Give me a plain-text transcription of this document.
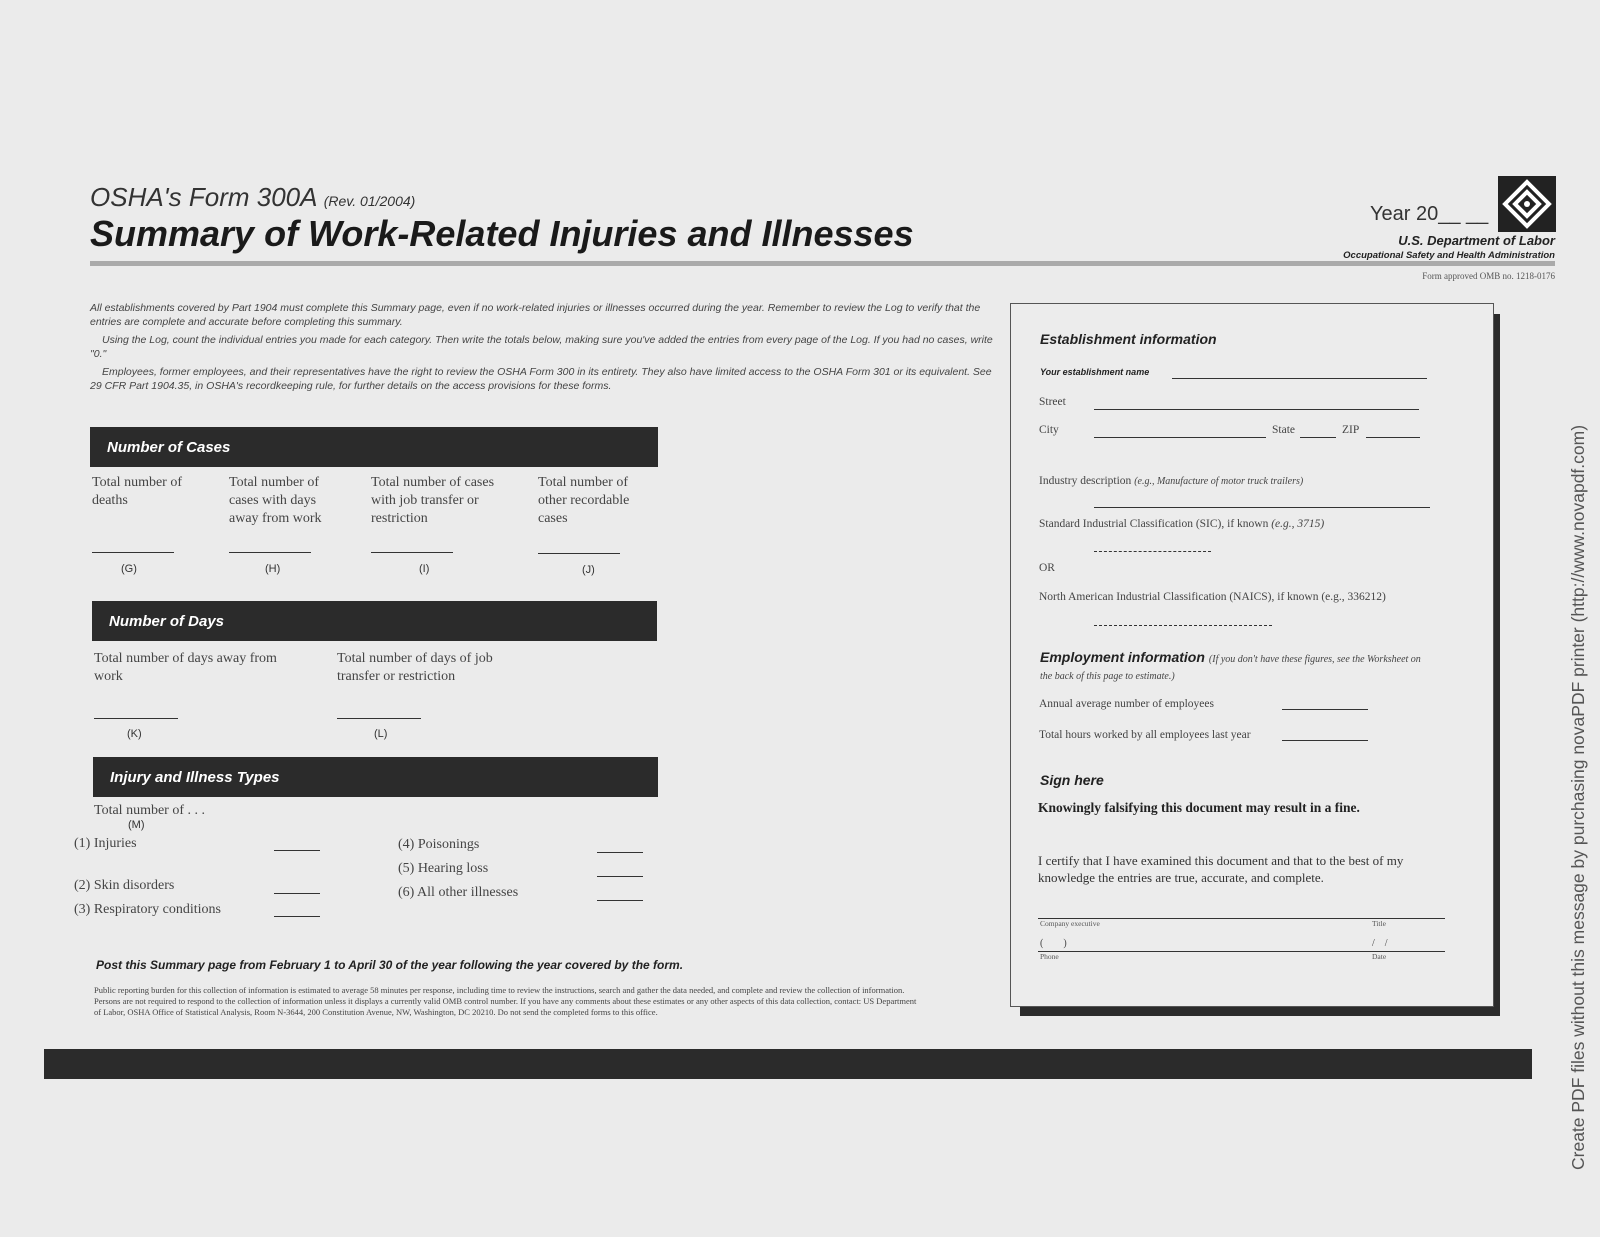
OSHA's Form 300A (Rev. 01/2004)
Summary of Work-Related Injuries and Illnesses	Year 20__ __
U.S. Department of Labor
Occupational Safety and Health Administration
Form approved OMB no. 1218-0176

All establishments covered by Part 1904 must complete this Summary page, even if no work-related injuries or illnesses occurred during the year. Remember to review the Log to verify that the entries are complete and accurate before completing this summary.

Using the Log, count the individual entries you made for each category. Then write the totals below, making sure you've added the entries from every page of the Log. If you had no cases, write "0."

Employees, former employees, and their representatives have the right to review the OSHA Form 300 in its entirety. They also have limited access to the OSHA Form 301 or its equivalent. See 29 CFR Part 1904.35, in OSHA's recordkeeping rule, for further details on the access provisions for these forms.

Number of Cases
Total number of deaths
Total number of cases with days away from work
Total number of cases with job transfer or restriction
Total number of other recordable cases
(G)	(H)	(I)	(J)
Number of Days
Total number of days away from work
Total number of days of job transfer or restriction
(K)	(L)
Injury and Illness Types
Total number of . . .
(M)
(1) Injuries
(2) Skin disorders
(3) Respiratory conditions
(4) Poisonings
(5) Hearing loss
(6) All other illnesses
Post this Summary page from February 1 to April 30 of the year following the year covered by the form.
Public reporting burden for this collection of information is estimated to average 58 minutes per response, including time to review the instructions, search and gather the data needed, and complete and review the collection of information. Persons are not required to respond to the collection of information unless it displays a currently valid OMB control number. If you have any comments about these estimates or any other aspects of this data collection, contact: US Department of Labor, OSHA Office of Statistical Analysis, Room N-3644, 200 Constitution Avenue, NW, Washington, DC 20210. Do not send the completed forms to this office.
Establishment information
Your establishment name
Street
City	State	ZIP
Industry description (e.g., Manufacture of motor truck trailers)
Standard Industrial Classification (SIC), if known (e.g., 3715)
OR
North American Industrial Classification (NAICS), if known (e.g., 336212)
Employment information (If you don't have these figures, see the Worksheet on the back of this page to estimate.)
Annual average number of employees
Total hours worked by all employees last year
Sign here
Knowingly falsifying this document may result in a fine.
I certify that I have examined this document and that to the best of my knowledge the entries are true, accurate, and complete.
Company executive	Title
(        )	/    /
Phone	Date	Create PDF files without this message by purchasing novaPDF printer (http://www.novapdf.com)
